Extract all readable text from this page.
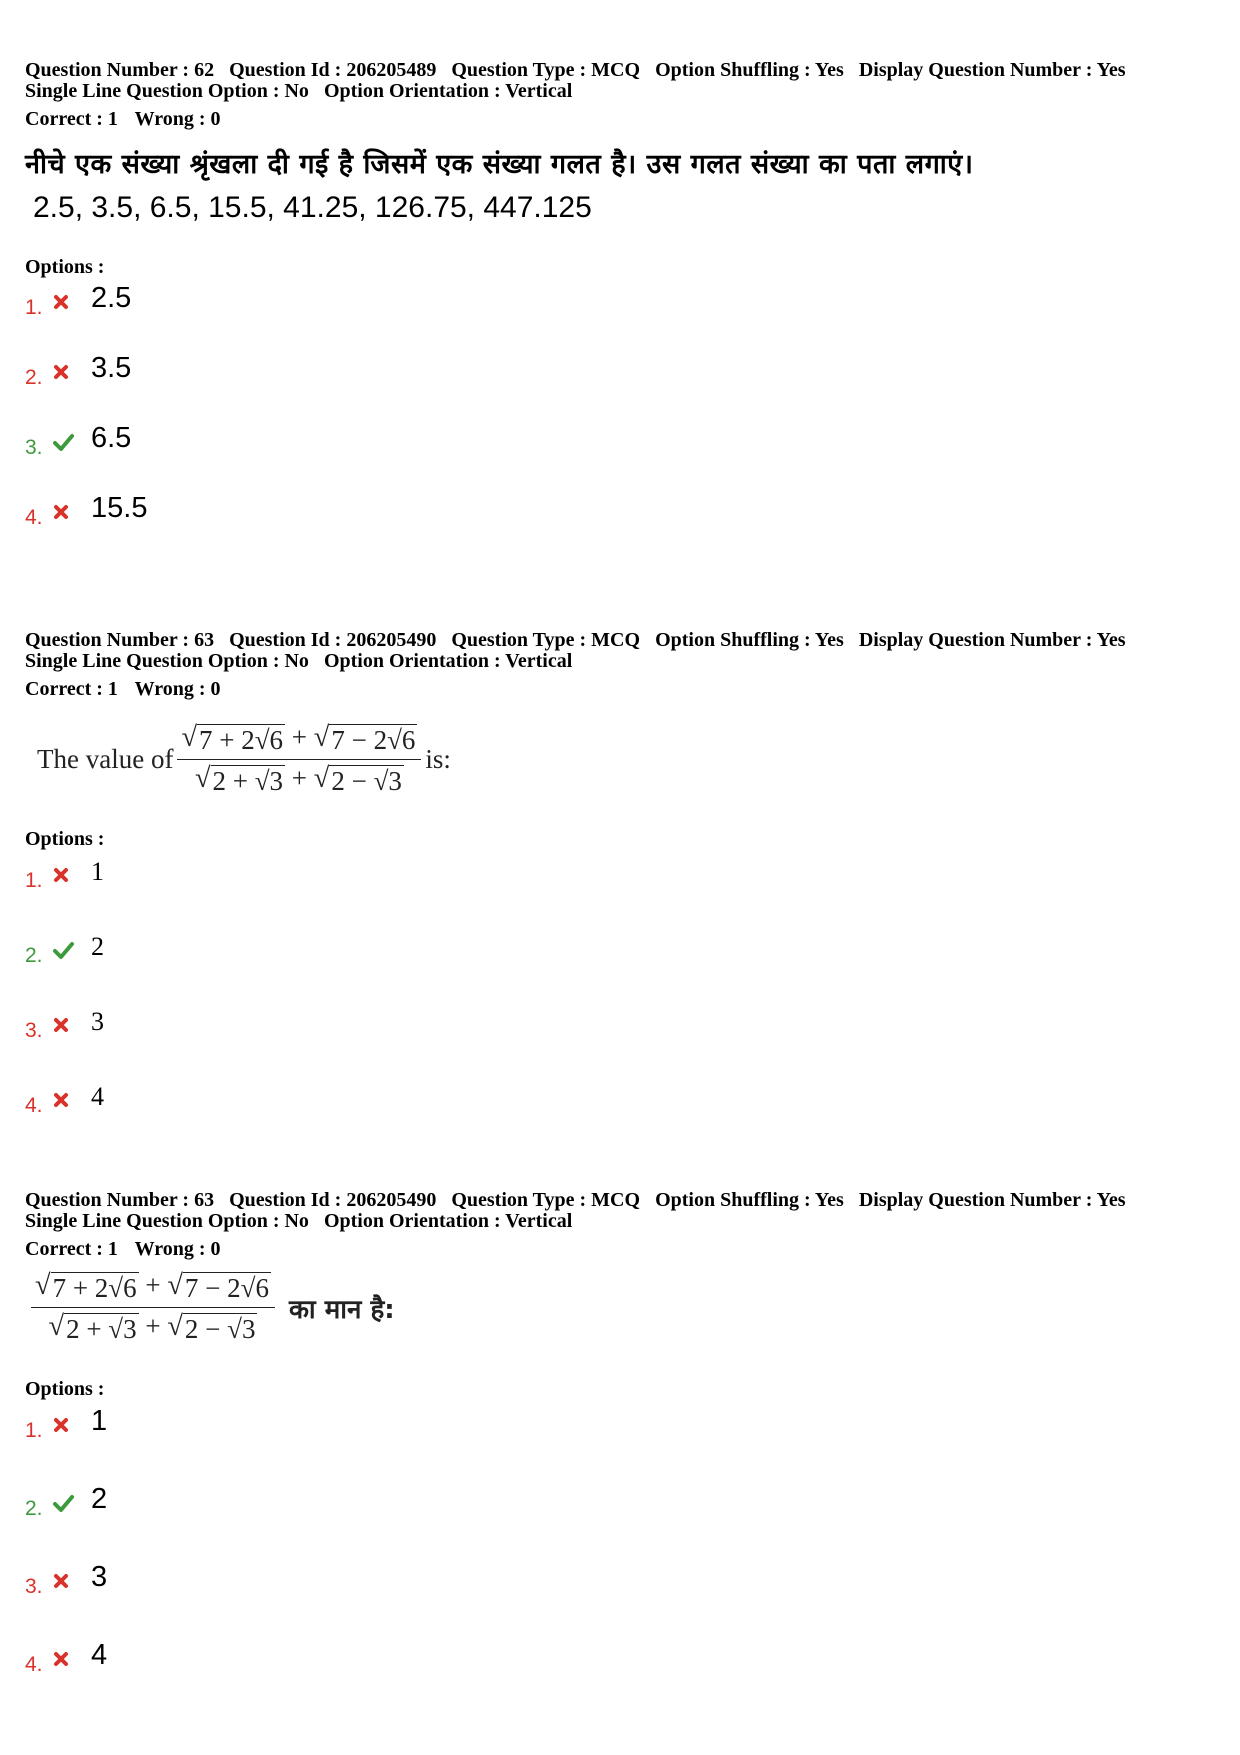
Question Number : 62 Question Id : 206205489 Question Type : MCQ Option Shuffling : Yes Display Question Number : Yes
Single Line Question Option : No Option Orientation : Vertical
Correct : 1 Wrong : 0
नीचे एक संख्या श्रृंखला दी गई है जिसमें एक संख्या गलत है। उस गलत संख्या का पता लगाएं।
2.5, 3.5, 6.5, 15.5, 41.25, 126.75, 447.125
Options :
1. 2.5
2. 3.5
3. 6.5
4. 15.5
Question Number : 63 Question Id : 206205490 Question Type : MCQ Option Shuffling : Yes Display Question Number : Yes
Single Line Question Option : No Option Orientation : Vertical
Correct : 1 Wrong : 0
The value of $\frac{√ 7 + 2√6 + √ 7 - 2√6}{√ 2 + √3 + √ 2 - √3}$ is:
Options :
1. 1
2. 2
3. 3
4. 4
Question Number : 63 Question Id : 206205490 Question Type : MCQ Option Shuffling : Yes Display Question Number : Yes
Single Line Question Option : No Option Orientation : Vertical
Correct : 1 Wrong : 0
$\frac{√ 7 + 2√6 + √ 7 - 2√6}{√ 2 + √3 + √ 2 - √3}$ का मान है:
Options :
1. 1
2. 2
3. 3
4. 4
